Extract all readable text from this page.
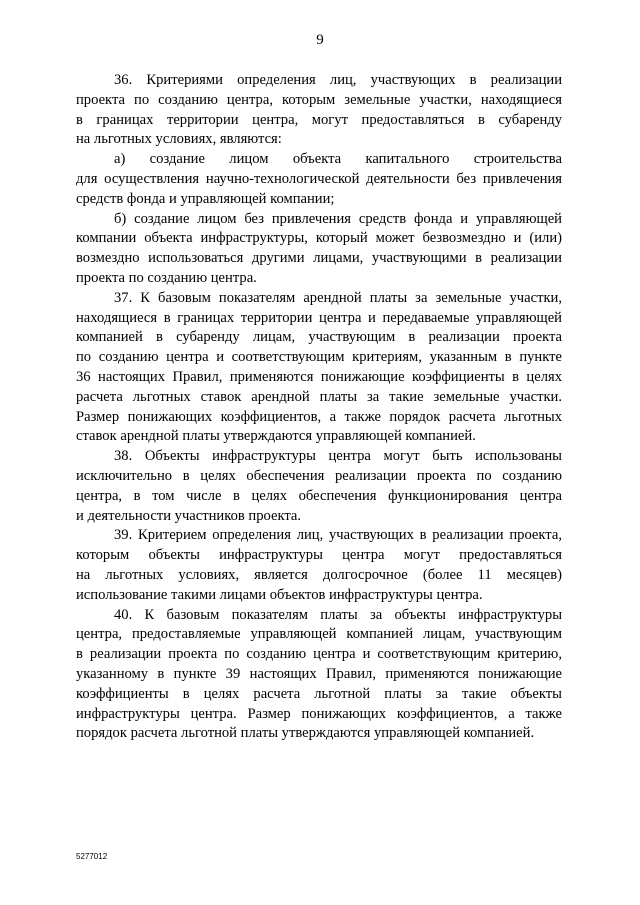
9

36. Критериями определения лиц, участвующих в реализации
проекта по созданию центра, которым земельные участки, находящиеся
в границах территории центра, могут предоставляться в субаренду
на льготных условиях, являются:

а) создание лицом объекта капитального строительства
для осуществления научно-технологической деятельности без привлечения
средств фонда и управляющей компании;

б) создание лицом без привлечения средств фонда и управляющей
компании объекта инфраструктуры, который может безвозмездно и (или)
возмездно использоваться другими лицами, участвующими в реализации
проекта по созданию центра.

37. К базовым показателям арендной платы за земельные участки,
находящиеся в границах территории центра и передаваемые управляющей
компанией в субаренду лицам, участвующим в реализации проекта
по созданию центра и соответствующим критериям, указанным в пункте
36 настоящих Правил, применяются понижающие коэффициенты в целях
расчета льготных ставок арендной платы за такие земельные участки.
Размер понижающих коэффициентов, а также порядок расчета льготных
ставок арендной платы утверждаются управляющей компанией.

38. Объекты инфраструктуры центра могут быть использованы
исключительно в целях обеспечения реализации проекта по созданию
центра, в том числе в целях обеспечения функционирования центра
и деятельности участников проекта.

39. Критерием определения лиц, участвующих в реализации проекта,
которым объекты инфраструктуры центра могут предоставляться
на льготных условиях, является долгосрочное (более 11 месяцев)
использование такими лицами объектов инфраструктуры центра.

40. К базовым показателям платы за объекты инфраструктуры
центра, предоставляемые управляющей компанией лицам, участвующим
в реализации проекта по созданию центра и соответствующим критерию,
указанному в пункте 39 настоящих Правил, применяются понижающие
коэффициенты в целях расчета льготной платы за такие объекты
инфраструктуры центра. Размер понижающих коэффициентов, а также
порядок расчета льготной платы утверждаются управляющей компанией.

5277012
